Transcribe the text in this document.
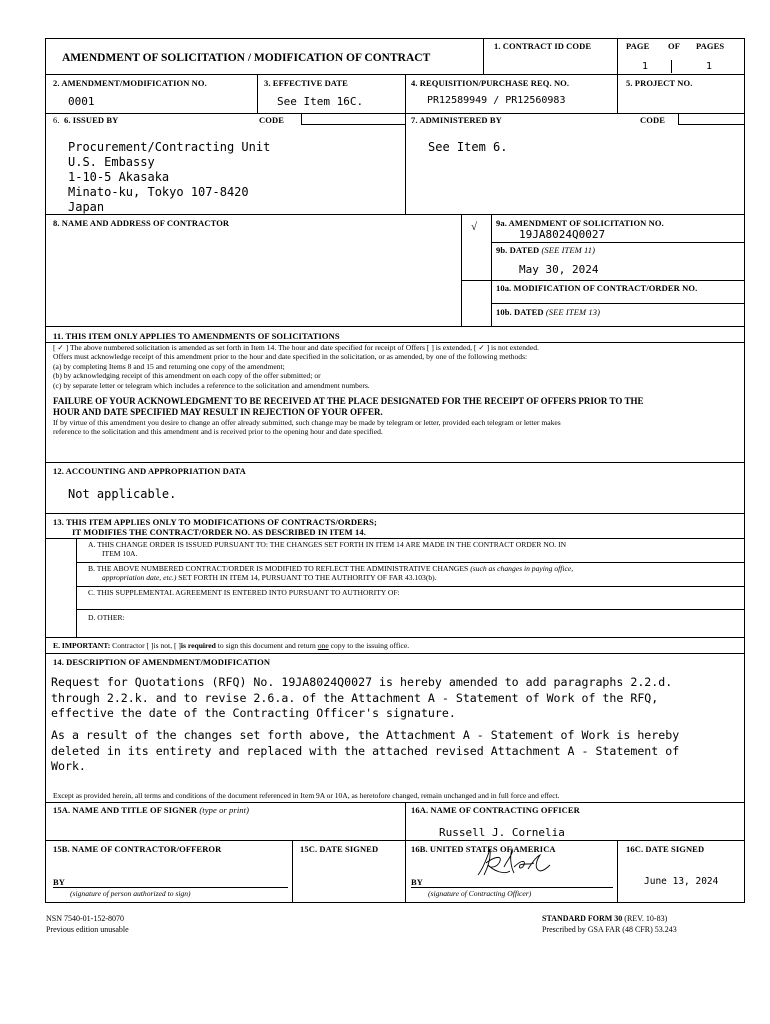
AMENDMENT OF SOLICITATION / MODIFICATION OF CONTRACT
1. CONTRACT ID CODE	PAGE OF PAGES
1	1
2. AMENDMENT/MODIFICATION NO.
0001
3. EFFECTIVE DATE
See Item 16C.
4. REQUISITION/PURCHASE REQ. NO.
PR12589949 / PR12560983
5. PROJECT NO.
6. 6. ISSUED BY	CODE
Procurement/Contracting Unit
U.S. Embassy
1-10-5 Akasaka
Minato-ku, Tokyo 107-8420
Japan
7. ADMINISTERED BY	CODE
See Item 6.
8. NAME AND ADDRESS OF CONTRACTOR	√ 9a. AMENDMENT OF SOLICITATION NO.
19JA8024Q0027
9b. DATED (SEE ITEM 11)
May 30, 2024
10a. MODIFICATION OF CONTRACT/ORDER NO.
10b. DATED (SEE ITEM 13)
11. THIS ITEM ONLY APPLIES TO AMENDMENTS OF SOLICITATIONS
[ ✓ ] The above numbered solicitation is amended as set forth in Item 14. The hour and date specified for receipt of Offers [ ] is extended, [ ✓ ] is not extended.
Offers must acknowledge receipt of this amendment prior to the hour and date specified in the solicitation, or as amended, by one of the following methods:
(a) by completing Items 8 and 15 and returning one copy of the amendment;
(b) by acknowledging receipt of this amendment on each copy of the offer submitted; or
(c) by separate letter or telegram which includes a reference to the solicitation and amendment numbers.
FAILURE OF YOUR ACKNOWLEDGMENT TO BE RECEIVED AT THE PLACE DESIGNATED FOR THE RECEIPT OF OFFERS PRIOR TO THE
HOUR AND DATE SPECIFIED MAY RESULT IN REJECTION OF YOUR OFFER.
If by virtue of this amendment you desire to change an offer already submitted, such change may be made by telegram or letter, provided each telegram or letter makes
reference to the solicitation and this amendment and is received prior to the opening hour and date specified.
12. ACCOUNTING AND APPROPRIATION DATA
Not applicable.
13. THIS ITEM APPLIES ONLY TO MODIFICATIONS OF CONTRACTS/ORDERS;
IT MODIFIES THE CONTRACT/ORDER NO. AS DESCRIBED IN ITEM 14.
A. THIS CHANGE ORDER IS ISSUED PURSUANT TO: THE CHANGES SET FORTH IN ITEM 14 ARE MADE IN THE CONTRACT ORDER NO. IN
ITEM 10A.
B. THE ABOVE NUMBERED CONTRACT/ORDER IS MODIFIED TO REFLECT THE ADMINISTRATIVE CHANGES (such as changes in paying office,
appropriation date, etc.) SET FORTH IN ITEM 14, PURSUANT TO THE AUTHORITY OF FAR 43.103(b).
C. THIS SUPPLEMENTAL AGREEMENT IS ENTERED INTO PURSUANT TO AUTHORITY OF:
D. OTHER:
E. IMPORTANT: Contractor [ ]is not, [ ]is required to sign this document and return one copy to the issuing office.
14. DESCRIPTION OF AMENDMENT/MODIFICATION
Request for Quotations (RFQ) No. 19JA8024Q0027 is hereby amended to add paragraphs 2.2.d.
through 2.2.k. and to revise 2.6.a. of the Attachment A - Statement of Work of the RFQ,
effective the date of the Contracting Officer's signature.
As a result of the changes set forth above, the Attachment A - Statement of Work is hereby
deleted in its entirety and replaced with the attached revised Attachment A - Statement of
Work.
Except as provided herein, all terms and conditions of the document referenced in Item 9A or 10A, as heretofore changed, remain unchanged and in full force and effect.
15A. NAME AND TITLE OF SIGNER (type or print)	16A. NAME OF CONTRACTING OFFICER
Russell J. Cornelia
15B. NAME OF CONTRACTOR/OFFEROR
BY
(signature of person authorized to sign)
15C. DATE SIGNED	16B. UNITED STATES OF AMERICA
BY
(signature of Contracting Officer)
16C. DATE SIGNED
June 13, 2024
NSN 7540-01-152-8070
Previous edition unusable
STANDARD FORM 30 (REV. 10-83)
Prescribed by GSA FAR (48 CFR) 53.243
